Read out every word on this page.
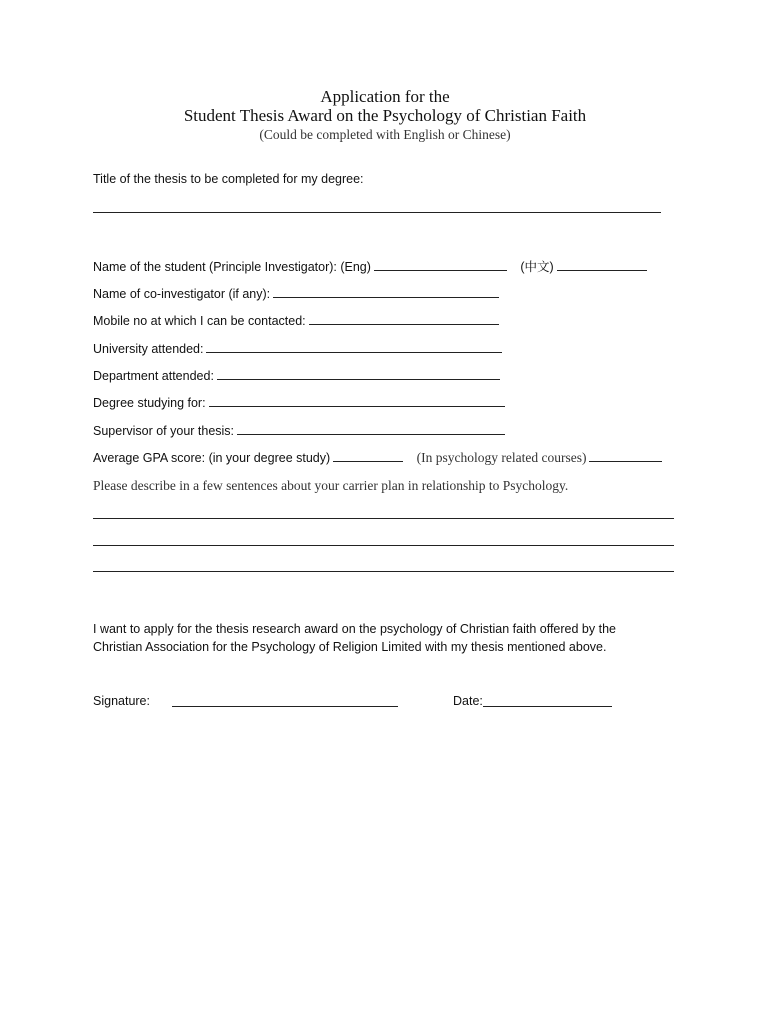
Application for the
Student Thesis Award on the Psychology of Christian Faith
(Could be completed with English or Chinese)
Title of the thesis to be completed for my degree:
Name of the student (Principle Investigator): (Eng)	(中文)
Name of co-investigator (if any):
Mobile no at which I can be contacted:
University attended:
Department attended:
Degree studying for:
Supervisor of your thesis:
Average GPA score: (in your degree study)	(In psychology related courses)
Please describe in a few sentences about your carrier plan in relationship to Psychology.
I want to apply for the thesis research award on the psychology of Christian faith offered by the
Christian Association for the Psychology of Religion Limited with my thesis mentioned above.
Signature:	Date:
